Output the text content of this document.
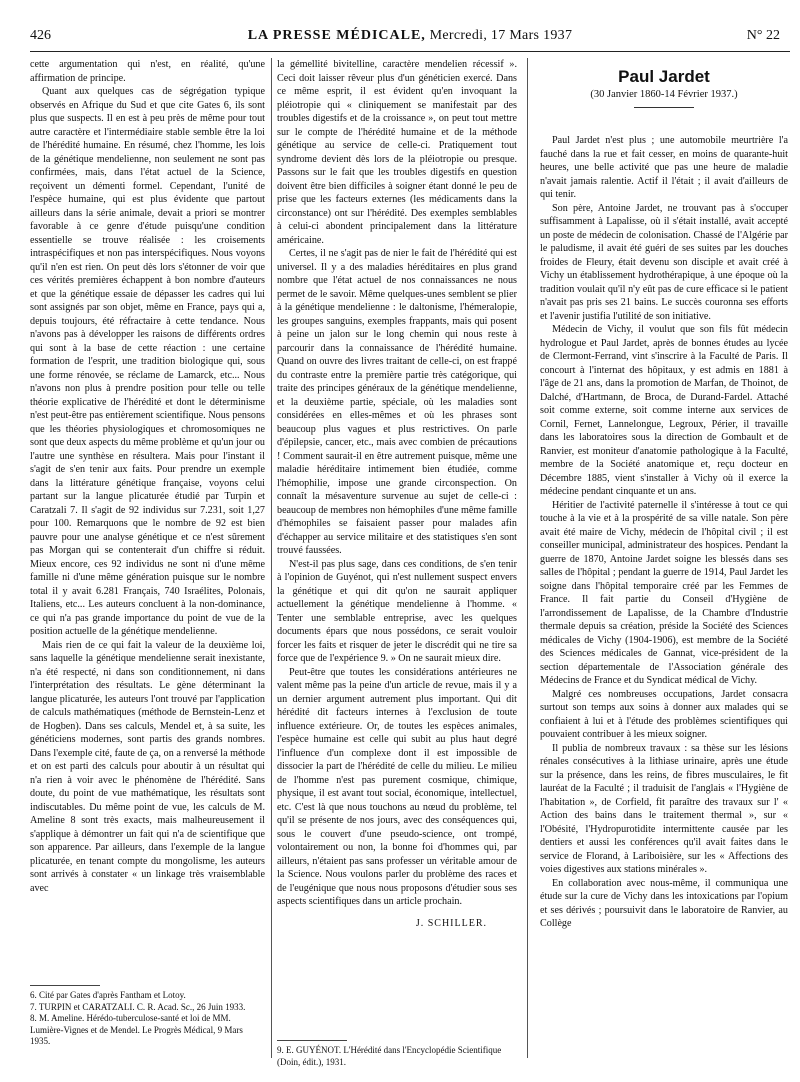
426	LA PRESSE MÉDICALE, Mercredi, 17 Mars 1937	N° 22

cette argumentation qui n'est, en réalité, qu'une affirmation de principe.

Quant aux quelques cas de ségrégation typique observés en Afrique du Sud et que cite Gates 6, ils sont plus que suspects. Il en est à peu près de même pour tout autre caractère et l'intermédiaire stable semble être la loi de l'hérédité humaine. En résumé, chez l'homme, les lois de la génétique mendelienne, non seulement ne sont pas confirmées, mais, dans l'état actuel de la Science, reçoivent un démenti formel. Cependant, l'unité de l'espèce humaine, qui est plus évidente que partout ailleurs dans la série animale, devait a priori se montrer favorable à ce genre d'étude puisqu'une condition essentielle se trouve réalisée : les croisements intraspécifiques et non pas interspécifiques. Nous voyons qu'il n'en est rien. On peut dès lors s'étonner de voir que ces vérités premières échappent à bon nombre d'auteurs et que la génétique essaie de dépasser les cadres qui lui sont assignés par son objet, même en France, pays qui a, depuis toujours, été réfractaire à cette tendance. Nous n'avons pas à développer les raisons de différents ordres qui sont à la base de cette réaction : une certaine formation de l'esprit, une tradition biologique qui, sous une forme rénovée, se réclame de Lamarck, etc... Nous n'avons non plus à prendre position pour telle ou telle théorie explicative de l'hérédité et dont le déterminisme n'est peut-être pas entièrement scientifique. Nous pensons que les théories physiologiques et chromosomiques ne sont que deux aspects du même problème et qu'un jour ou l'autre une synthèse en résultera. Mais pour l'instant il s'agit de s'en tenir aux faits. Pour prendre un exemple dans la littérature génétique française, voyons celui partant sur la langue plicaturée étudié par Turpin et Caratzali 7. Il s'agit de 92 individus sur 7.231, soit 1,27 pour 100. Remarquons que le nombre de 92 est bien pauvre pour une analyse génétique et ce n'est sûrement pas Morgan qui se contenterait d'un chiffre si réduit. Mieux encore, ces 92 individus ne sont ni d'une même famille ni d'une même génération puisque sur le nombre total il y avait 6.281 Français, 740 Israélites, Polonais, Italiens, etc... Les auteurs concluent à la non-dominance, ce qui n'a pas grande importance du point de vue de la position actuelle de la génétique mendelienne.

Mais rien de ce qui fait la valeur de la deuxième loi, sans laquelle la génétique mendelienne serait inexistante, n'a été respecté, ni dans son conditionnement, ni dans l'interprétation des résultats. Le gène déterminant la langue plicaturée, les auteurs l'ont trouvé par l'application de calculs mathématiques (méthode de Bernstein-Lenz et de Hogben). Dans ses calculs, Mendel et, à sa suite, les généticiens modernes, sont partis des grands nombres. Dans l'exemple cité, faute de ça, on a renversé la méthode et on est parti des calculs pour aboutir à un résultat qui n'a rien à voir avec le phénomène de l'hérédité. Sans doute, du point de vue mathématique, les résultats sont indiscutables. Du même point de vue, les calculs de M. Ameline 8 sont très exacts, mais malheureusement il s'applique à démontrer un fait qui n'a de scientifique que son apparence. Par ailleurs, dans l'exemple de la langue plicaturée, en tenant compte du mongolisme, les auteurs sont arrivés à constater « un linkage très vraisemblable avec

la gémellité bivitelline, caractère mendelien récessif ». Ceci doit laisser rêveur plus d'un généticien exercé. Dans ce même esprit, il est évident qu'en invoquant la pléiotropie qui « cliniquement se manifestait par des troubles digestifs et de la croissance », on peut tout mettre sur le compte de l'hérédité humaine et de la méthode génétique au service de celle-ci. Pratiquement tout syndrome devient dès lors de la pléiotropie ou presque. Passons sur le fait que les troubles digestifs en question doivent être bien difficiles à soigner étant donné le peu de prise que les facteurs externes (les médicaments dans la circonstance) ont sur l'hérédité. Des exemples semblables à celui-ci abondent principalement dans la littérature américaine.

Certes, il ne s'agit pas de nier le fait de l'hérédité qui est universel. Il y a des maladies héréditaires en plus grand nombre que l'état actuel de nos connaissances ne nous permet de le savoir. Même quelques-unes semblent se plier à la génétique mendelienne : le daltonisme, l'hémeralopie, les groupes sanguins, exemples frappants, mais qui posent à peine un jalon sur le long chemin qui nous reste à parcourir dans la connaissance de l'hérédité humaine. Quand on ouvre des livres traitant de celle-ci, on est frappé du contraste entre la première partie très catégorique, qui traite des principes généraux de la génétique mendelienne, et la deuxième partie, spéciale, où les maladies sont considérées en elles-mêmes et où les phrases sont beaucoup plus vagues et plus restrictives. On parle d'épilepsie, cancer, etc., mais avec combien de précautions ! Comment saurait-il en être autrement puisque, même une maladie héréditaire intimement bien étudiée, comme l'hémophilie, impose une grande circonspection. On connaît la mésaventure survenue au sujet de celle-ci : beaucoup de membres non hémophiles d'une même famille d'hémophiles se faisaient passer pour malades afin d'échapper au service militaire et des statistiques s'en sont trouvé faussées.

N'est-il pas plus sage, dans ces conditions, de s'en tenir à l'opinion de Guyénot, qui n'est nullement suspect envers la génétique et qui dit qu'on ne saurait appliquer actuellement la génétique mendelienne à l'homme. « Tenter une semblable entreprise, avec les quelques documents épars que nous possédons, ce serait vouloir forcer les faits et risquer de jeter le discrédit qui ne tire sa force que de l'expérience 9. » On ne saurait mieux dire.

Peut-être que toutes les considérations antérieures ne valent même pas la peine d'un article de revue, mais il y a un dernier argument autrement plus important. Qui dit hérédité dit facteurs internes à l'exclusion de toute influence extérieure. Or, de toutes les espèces animales, l'espèce humaine est celle qui subit au plus haut degré l'influence d'un complexe dont il est impossible de dissocier la part de l'hérédité de celle du milieu. Le milieu de l'homme n'est pas purement cosmique, chimique, physique, il est avant tout social, économique, intellectuel, etc. C'est là que nous touchons au nœud du problème, tel qu'il se présente de nos jours, avec des conséquences qui, sous le couvert d'une pseudo-science, ont trompé, volontairement ou non, la bonne foi d'hommes qui, par ailleurs, n'étaient pas sans professer un véritable amour de la Science. Nous voulons parler du problème des races et de l'eugénique que nous nous proposons d'étudier sous ses aspects scientifiques dans un article prochain.

J. SCHILLER.

6. Cité par Gates d'après Fantham et Lotoy.

7. TURPIN et CARATZALI. C. R. Acad. Sc., 26 Juin 1933.

8. M. Ameline. Hérédo-tuberculose-santé et loi de MM. Lumière-Vignes et de Mendel. Le Progrès Médical, 9 Mars 1935.

9. E. GUYÉNOT. L'Hérédité dans l'Encyclopédie Scientifique (Doin, édit.), 1931.

Paul Jardet
(30 Janvier 1860-14 Février 1937.)

Paul Jardet n'est plus ; une automobile meurtrière l'a fauché dans la rue et fait cesser, en moins de quarante-huit heures, une belle activité que pas une heure de maladie n'avait jamais ralentie. Actif il l'était ; il avait d'ailleurs de qui tenir.

Son père, Antoine Jardet, ne trouvant pas à s'occuper suffisamment à Lapalisse, où il s'était installé, avait accepté un poste de médecin de colonisation. Chassé de l'Algérie par le paludisme, il avait été guéri de ses suites par les douches froides de Fleury, était devenu son disciple et avait créé à Vichy un établissement hydrothérapique, à une époque où la tradition voulait qu'il n'y eût pas de cure efficace si le patient n'avait pas pris ses 21 bains. Le succès couronna ses efforts et l'avenir justifia l'utilité de son initiative.

Médecin de Vichy, il voulut que son fils fût médecin hydrologue et Paul Jardet, après de bonnes études au lycée de Clermont-Ferrand, vint s'inscrire à la Faculté de Paris. Il concourt à l'internat des hôpitaux, y est admis en 1881 à l'âge de 21 ans, dans la promotion de Marfan, de Thoinot, de Dalché, d'Hartmann, de Broca, de Durand-Fardel. Attaché soit comme externe, soit comme interne aux services de Cornil, Fernet, Lannelongue, Legroux, Périer, il travaille dans les laboratoires sous la direction de Gombault et de Ranvier, est moniteur d'anatomie pathologique à la Faculté, membre de la Société anatomique et, reçu docteur en Décembre 1885, vient s'installer à Vichy où il exerce la médecine pendant cinquante et un ans.

Héritier de l'activité paternelle il s'intéresse à tout ce qui touche à la vie et à la prospérité de sa ville natale. Son père avait été maire de Vichy, médecin de l'hôpital civil ; il est conseiller municipal, administrateur des hospices. Pendant la guerre de 1870, Antoine Jardet soigne les blessés dans ses salles de l'hôpital ; pendant la guerre de 1914, Paul Jardet les soigne dans l'hôpital temporaire créé par les Femmes de France. Il fait partie du Conseil d'Hygiène de l'arrondissement de Lapalisse, de la Chambre d'Industrie thermale depuis sa création, préside la Société des Sciences médicales de Vichy (1904-1906), est membre de la Société des Sciences médicales de Gannat, vice-président de la section départementale de l'Association générale des Médecins de France et du Syndicat médical de Vichy.

Malgré ces nombreuses occupations, Jardet consacra surtout son temps aux soins à donner aux malades qui se confiaient à lui et à l'étude des problèmes scientifiques qui pouvaient contribuer à les mieux soigner.

Il publia de nombreux travaux : sa thèse sur les lésions rénales consécutives à la lithiase urinaire, après une étude sur la présence, dans les reins, de fibres musculaires, le fit lauréat de la Faculté ; il traduisit de l'anglais « l'Hygiène de l'habitation », de Corfield, fit paraître des travaux sur l' « Action des bains dans le traitement thermal », sur « l'Obésité, l'Hydropurotidite intermittente causée par les dentiers et aussi les conférences qu'il avait faites dans le service de Florand, à Lariboisière, sur les « Affections des voies digestives aux stations minérales ».

En collaboration avec nous-même, il communiqua une étude sur la cure de Vichy dans les intoxications par l'opium et ses dérivés ; poursuivit dans le laboratoire de Ranvier, au Collège
